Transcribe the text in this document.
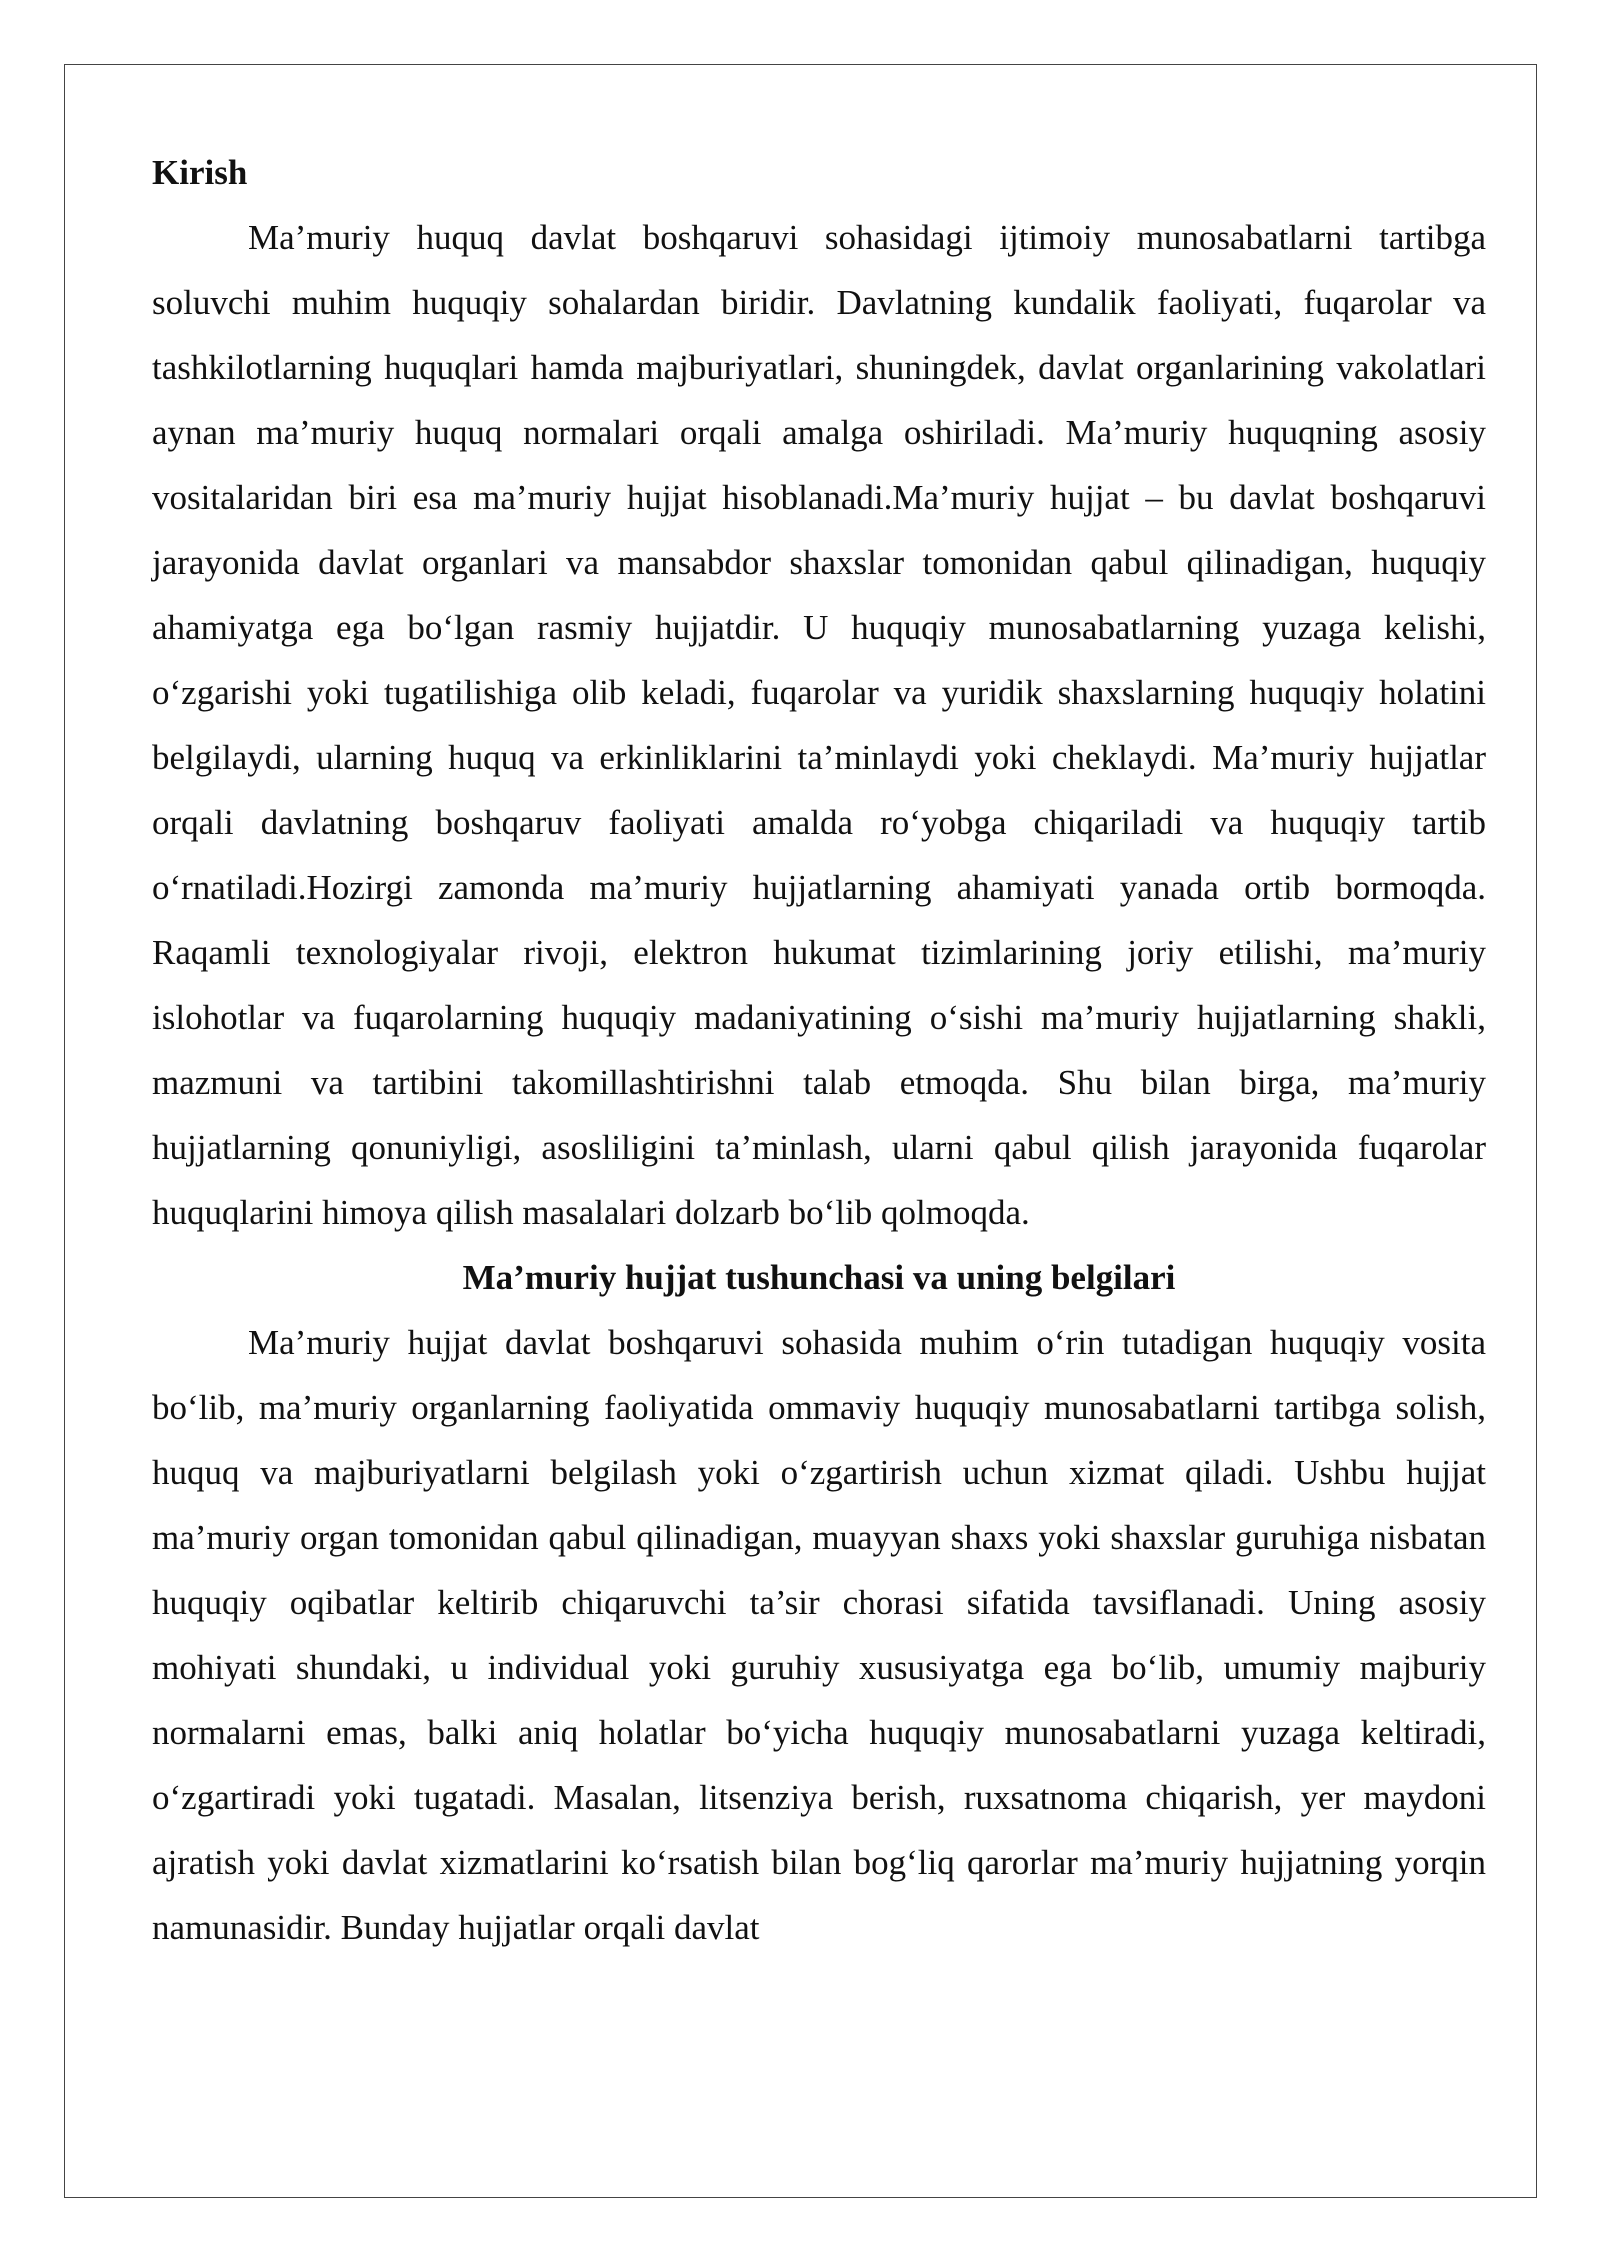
Kirish

Ma’muriy huquq davlat boshqaruvi sohasidagi ijtimoiy munosabatlarni tartibga soluvchi muhim huquqiy sohalardan biridir. Davlatning kundalik faoliyati, fuqarolar va tashkilotlarning huquqlari hamda majburiyatlari, shuningdek, davlat organlarining vakolatlari aynan ma’muriy huquq normalari orqali amalga oshiriladi. Ma’muriy huquqning asosiy vositalaridan biri esa ma’muriy hujjat hisoblanadi.Ma’muriy hujjat – bu davlat boshqaruvi jarayonida davlat organlari va mansabdor shaxslar tomonidan qabul qilinadigan, huquqiy ahamiyatga ega bo‘lgan rasmiy hujjatdir. U huquqiy munosabatlarning yuzaga kelishi, o‘zgarishi yoki tugatilishiga olib keladi, fuqarolar va yuridik shaxslarning huquqiy holatini belgilaydi, ularning huquq va erkinliklarini ta’minlaydi yoki cheklaydi. Ma’muriy hujjatlar orqali davlatning boshqaruv faoliyati amalda ro‘yobga chiqariladi va huquqiy tartib o‘rnatiladi.Hozirgi zamonda ma’muriy hujjatlarning ahamiyati yanada ortib bormoqda. Raqamli texnologiyalar rivoji, elektron hukumat tizimlarining joriy etilishi, ma’muriy islohotlar va fuqarolarning huquqiy madaniyatining o‘sishi ma’muriy hujjatlarning shakli, mazmuni va tartibini takomillashtirishni talab etmoqda. Shu bilan birga, ma’muriy hujjatlarning qonuniyligi, asosliligini ta’minlash, ularni qabul qilish jarayonida fuqarolar huquqlarini himoya qilish masalalari dolzarb bo‘lib qolmoqda.

Ma’muriy hujjat tushunchasi va uning belgilari

Ma’muriy hujjat davlat boshqaruvi sohasida muhim o‘rin tutadigan huquqiy vosita bo‘lib, ma’muriy organlarning faoliyatida ommaviy huquqiy munosabatlarni tartibga solish, huquq va majburiyatlarni belgilash yoki o‘zgartirish uchun xizmat qiladi. Ushbu hujjat ma’muriy organ tomonidan qabul qilinadigan, muayyan shaxs yoki shaxslar guruhiga nisbatan huquqiy oqibatlar keltirib chiqaruvchi ta’sir chorasi sifatida tavsiflanadi. Uning asosiy mohiyati shundaki, u individual yoki guruhiy xususiyatga ega bo‘lib, umumiy majburiy normalarni emas, balki aniq holatlar bo‘yicha huquqiy munosabatlarni yuzaga keltiradi, o‘zgartiradi yoki tugatadi. Masalan, litsenziya berish, ruxsatnoma chiqarish, yer maydoni ajratish yoki davlat xizmatlarini ko‘rsatish bilan bog‘liq qarorlar ma’muriy hujjatning yorqin namunasidir. Bunday hujjatlar orqali davlat
